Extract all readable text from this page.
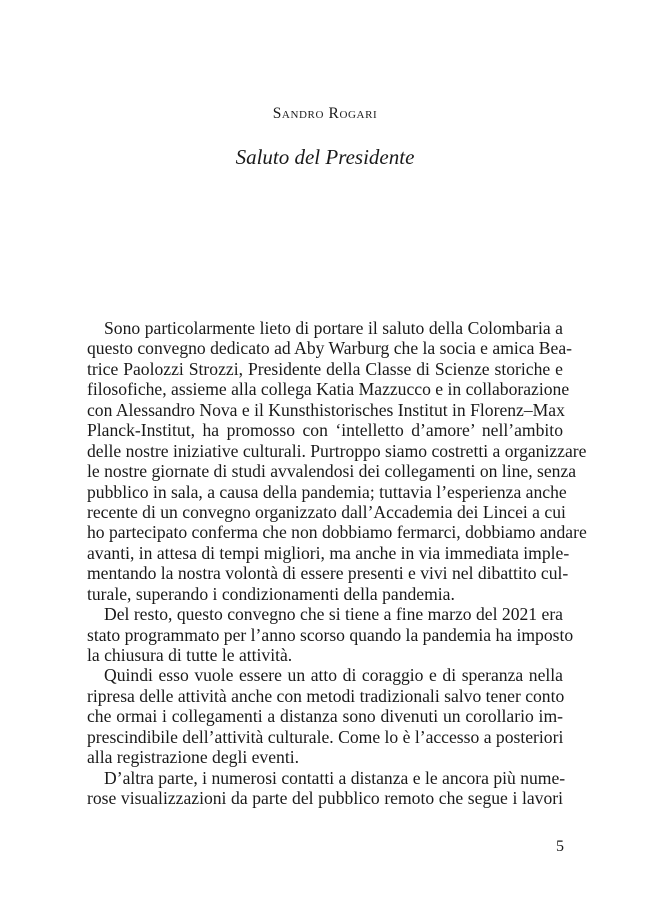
Sandro Rogari
Saluto del Presidente
Sono particolarmente lieto di portare il saluto della Colombaria a
questo convegno dedicato ad Aby Warburg che la socia e amica Bea-
trice Paolozzi Strozzi, Presidente della Classe di Scienze storiche e
filosofiche, assieme alla collega Katia Mazzucco e in collaborazione
con Alessandro Nova e il Kunsthistorisches Institut in Florenz–Max
Planck-Institut, ha promosso con ‘intelletto d’amore’ nell’ambito
delle nostre iniziative culturali. Purtroppo siamo costretti a organizzare
le nostre giornate di studi avvalendosi dei collegamenti on line, senza
pubblico in sala, a causa della pandemia; tuttavia l’esperienza anche
recente di un convegno organizzato dall’Accademia dei Lincei a cui
ho partecipato conferma che non dobbiamo fermarci, dobbiamo andare
avanti, in attesa di tempi migliori, ma anche in via immediata imple-
mentando la nostra volontà di essere presenti e vivi nel dibattito cul-
turale, superando i condizionamenti della pandemia.
Del resto, questo convegno che si tiene a fine marzo del 2021 era
stato programmato per l’anno scorso quando la pandemia ha imposto
la chiusura di tutte le attività.
Quindi esso vuole essere un atto di coraggio e di speranza nella
ripresa delle attività anche con metodi tradizionali salvo tener conto
che ormai i collegamenti a distanza sono divenuti un corollario im-
prescindibile dell’attività culturale. Come lo è l’accesso a posteriori
alla registrazione degli eventi.
D’altra parte, i numerosi contatti a distanza e le ancora più nume-
rose visualizzazioni da parte del pubblico remoto che segue i lavori
5
